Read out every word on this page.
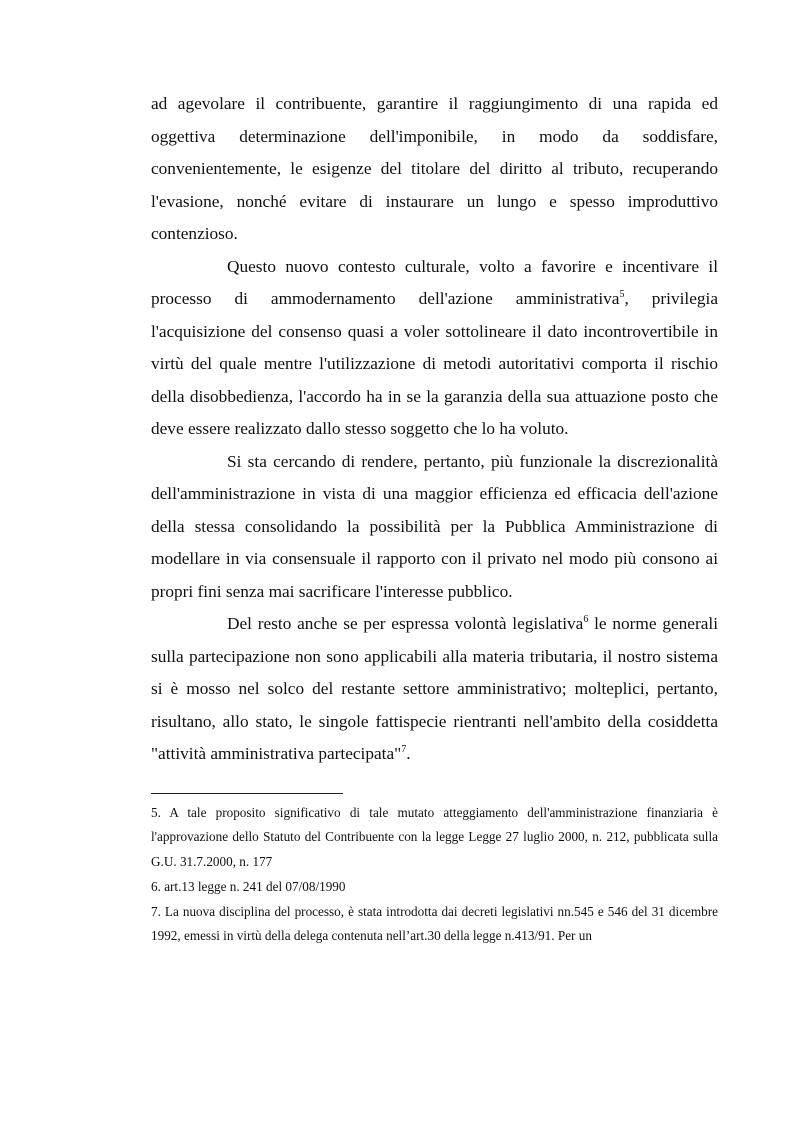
ad agevolare il contribuente, garantire il raggiungimento di una rapida ed oggettiva determinazione dell'imponibile, in modo da soddisfare, convenientemente, le esigenze del titolare del diritto al tributo, recuperando l'evasione, nonché evitare di instaurare un lungo e spesso improduttivo contenzioso.

Questo nuovo contesto culturale, volto a favorire e incentivare il processo di ammodernamento dell'azione amministrativa$^5$, privilegia l'acquisizione del consenso quasi a voler sottolineare il dato incontrovertibile in virtù del quale mentre l'utilizzazione di metodi autoritativi comporta il rischio della disobbedienza, l'accordo ha in se la garanzia della sua attuazione posto che deve essere realizzato dallo stesso soggetto che lo ha voluto.

Si sta cercando di rendere, pertanto, più funzionale la discrezionalità dell'amministrazione in vista di una maggior efficienza ed efficacia dell'azione della stessa consolidando la possibilità per la Pubblica Amministrazione di modellare in via consensuale il rapporto con il privato nel modo più consono ai propri fini senza mai sacrificare l'interesse pubblico.

Del resto anche se per espressa volontà legislativa$^6$ le norme generali sulla partecipazione non sono applicabili alla materia tributaria, il nostro sistema si è mosso nel solco del restante settore amministrativo; molteplici, pertanto, risultano, allo stato, le singole fattispecie rientranti nell'ambito della cosiddetta "attività amministrativa partecipata"$^7$.

5. A tale proposito significativo di tale mutato atteggiamento dell'amministrazione finanziaria è l'approvazione dello Statuto del Contribuente con la legge Legge 27 luglio 2000, n. 212, pubblicata sulla G.U. 31.7.2000, n. 177

6. art.13 legge n. 241 del 07/08/1990

7. La nuova disciplina del processo, è stata introdotta dai decreti legislativi nn.545 e 546 del 31 dicembre 1992, emessi in virtù della delega contenuta nell’art.30 della legge n.413/91. Per un
